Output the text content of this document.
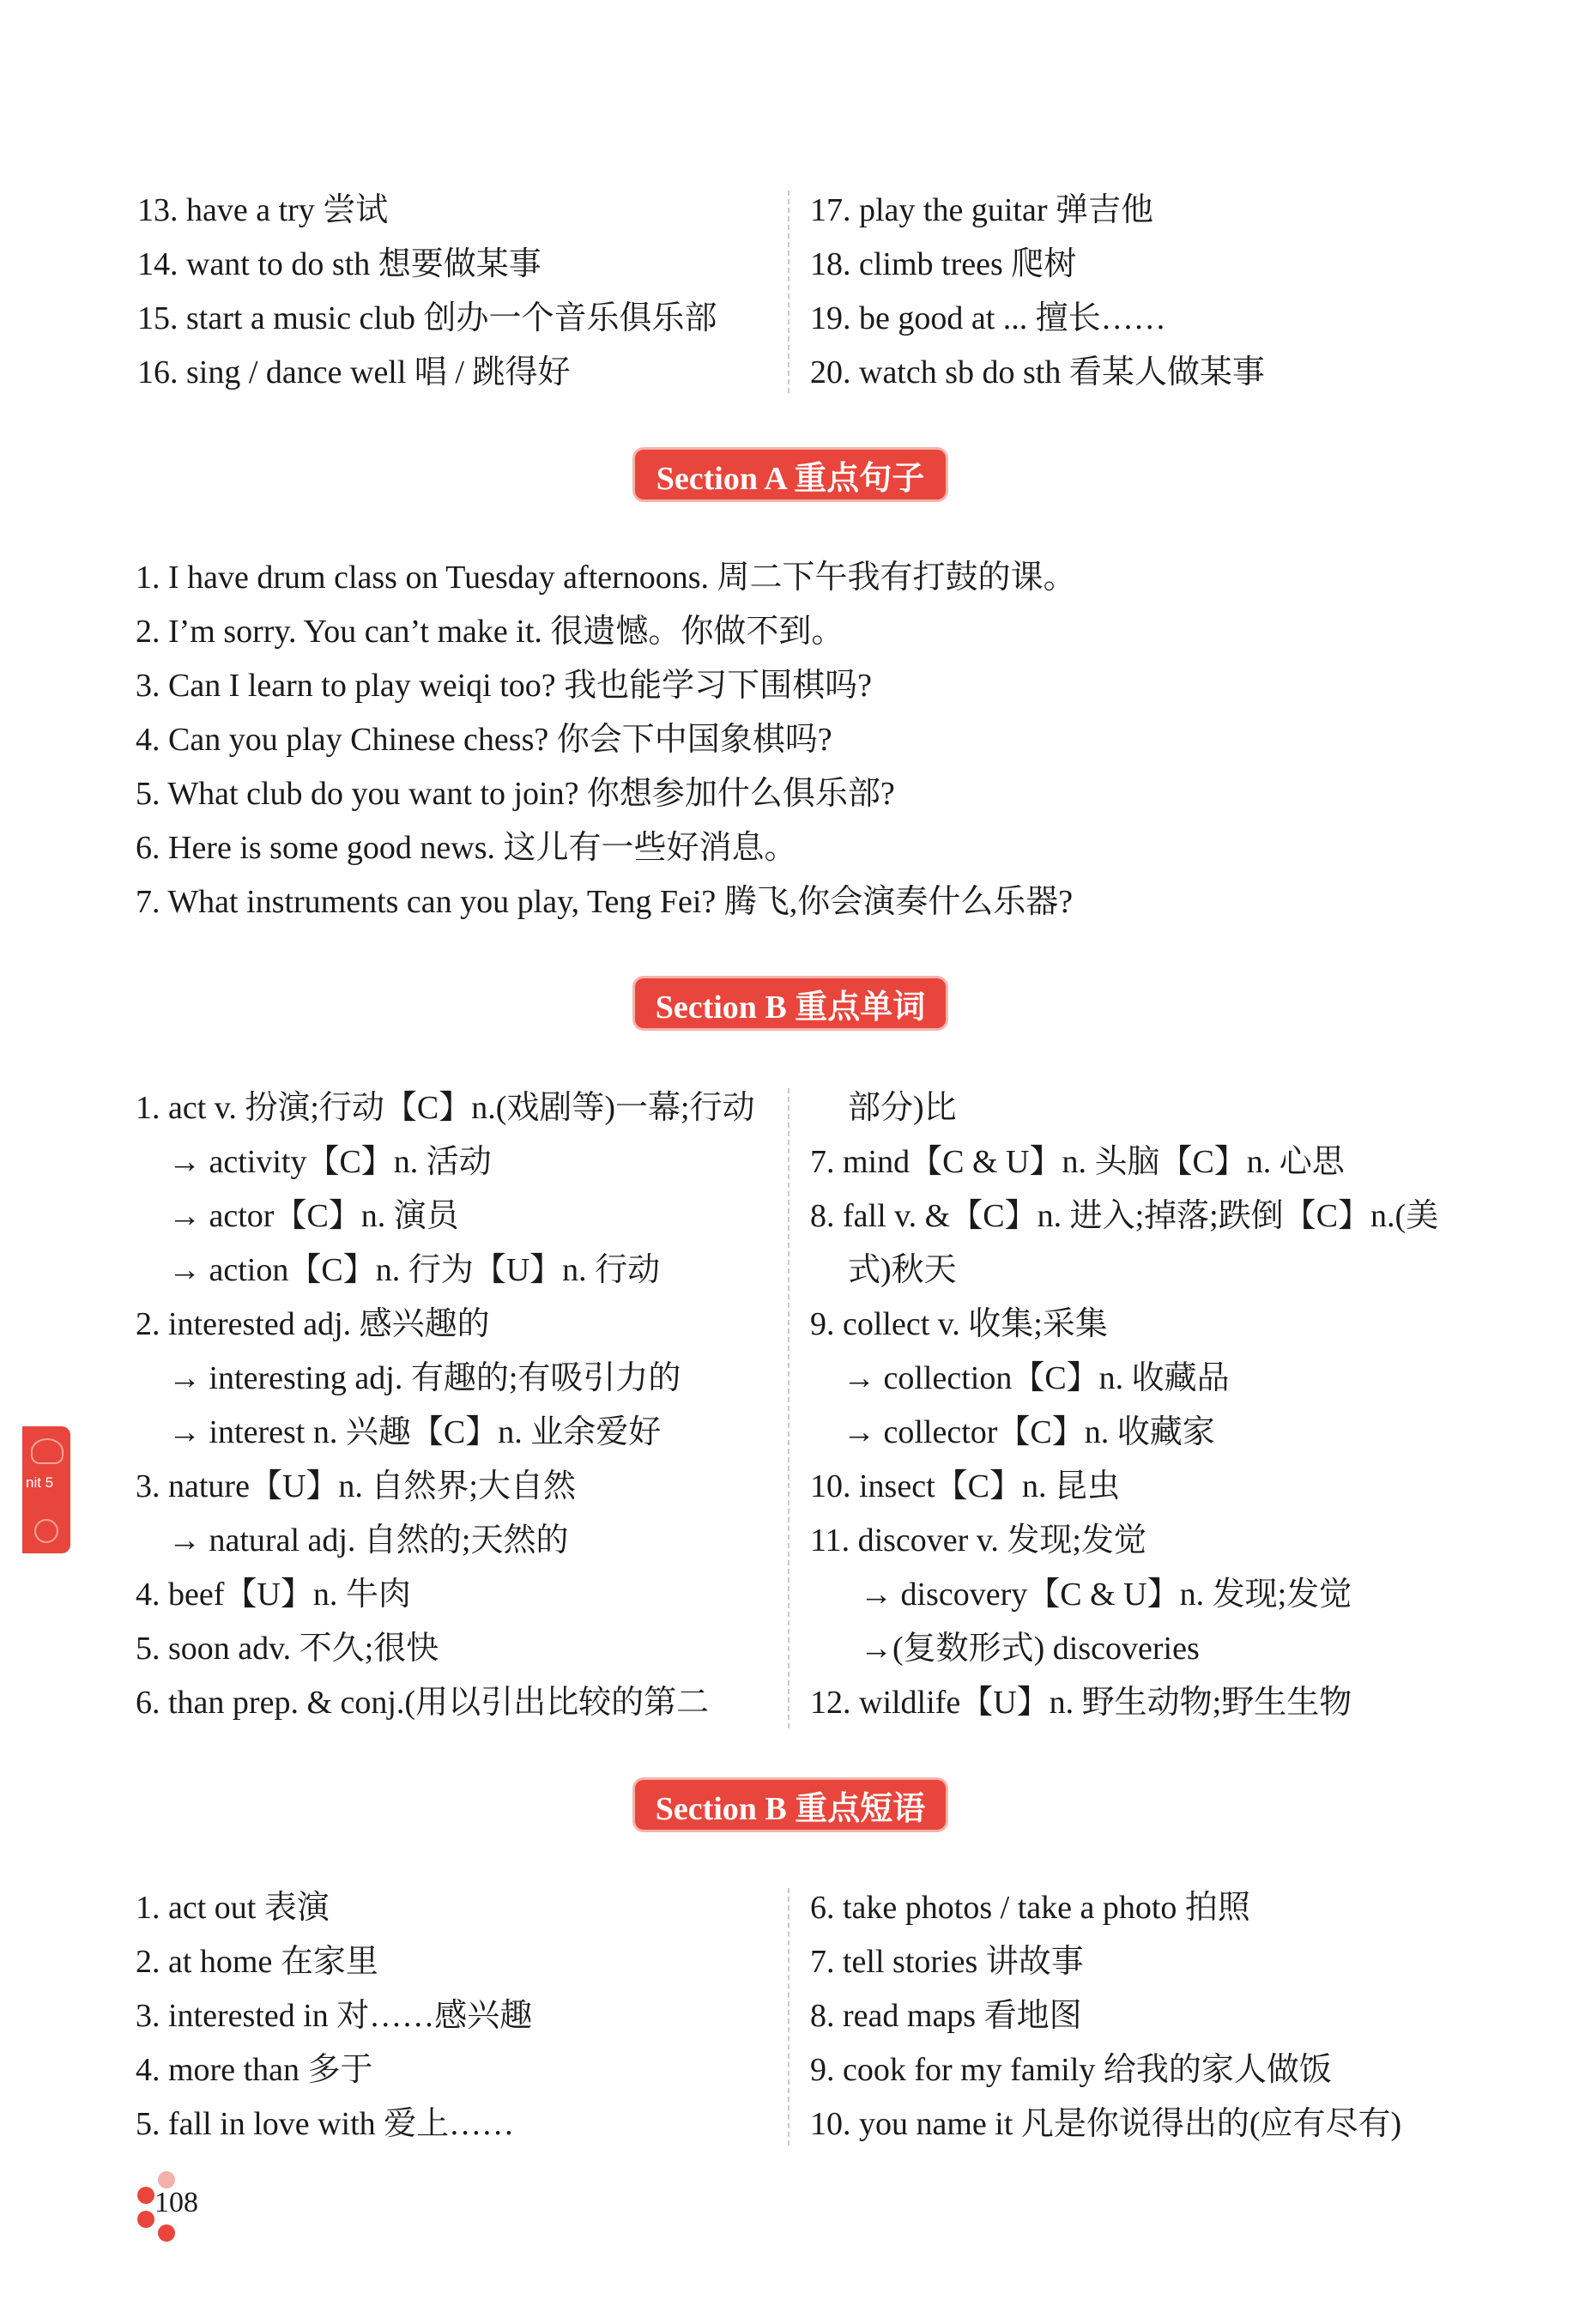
13. have a try 尝试
14. want to do sth 想要做某事
15. start a music club 创办一个音乐俱乐部
16. sing / dance well 唱 / 跳得好
17. play the guitar 弹吉他
18. climb trees 爬树
19. be good at ... 擅长……
20. watch sb do sth 看某人做某事
Section A 重点句子
1. I have drum class on Tuesday afternoons. 周二下午我有打鼓的课。
2. I’m sorry. You can’t make it. 很遗憾。你做不到。
3. Can I learn to play weiqi too? 我也能学习下围棋吗?
4. Can you play Chinese chess? 你会下中国象棋吗?
5. What club do you want to join? 你想参加什么俱乐部?
6. Here is some good news. 这儿有一些好消息。
7. What instruments can you play, Teng Fei? 腾飞,你会演奏什么乐器?
Section B 重点单词
1. act v. 扮演;行动【C】n.(戏剧等)一幕;行动
→ activity【C】n. 活动
→ actor【C】n. 演员
→ action【C】n. 行为【U】n. 行动
2. interested adj. 感兴趣的
→ interesting adj. 有趣的;有吸引力的
→ interest n. 兴趣【C】n. 业余爱好
3. nature【U】n. 自然界;大自然
→ natural adj. 自然的;天然的
4. beef【U】n. 牛肉
5. soon adv. 不久;很快
6. than prep. & conj.(用以引出比较的第二
部分)比
7. mind【C & U】n. 头脑【C】n. 心思
8. fall v. &【C】n. 进入;掉落;跌倒【C】n.(美
式)秋天
9. collect v. 收集;采集
→ collection【C】n. 收藏品
→ collector【C】n. 收藏家
10. insect【C】n. 昆虫
11. discover v. 发现;发觉
→ discovery【C & U】n. 发现;发觉
→(复数形式) discoveries
12. wildlife【U】n. 野生动物;野生生物
Section B 重点短语
1. act out 表演
2. at home 在家里
3. interested in 对……感兴趣
4. more than 多于
5. fall in love with 爱上……
6. take photos / take a photo 拍照
7. tell stories 讲故事
8. read maps 看地图
9. cook for my family 给我的家人做饭
10. you name it 凡是你说得出的(应有尽有)
nit 5
108
